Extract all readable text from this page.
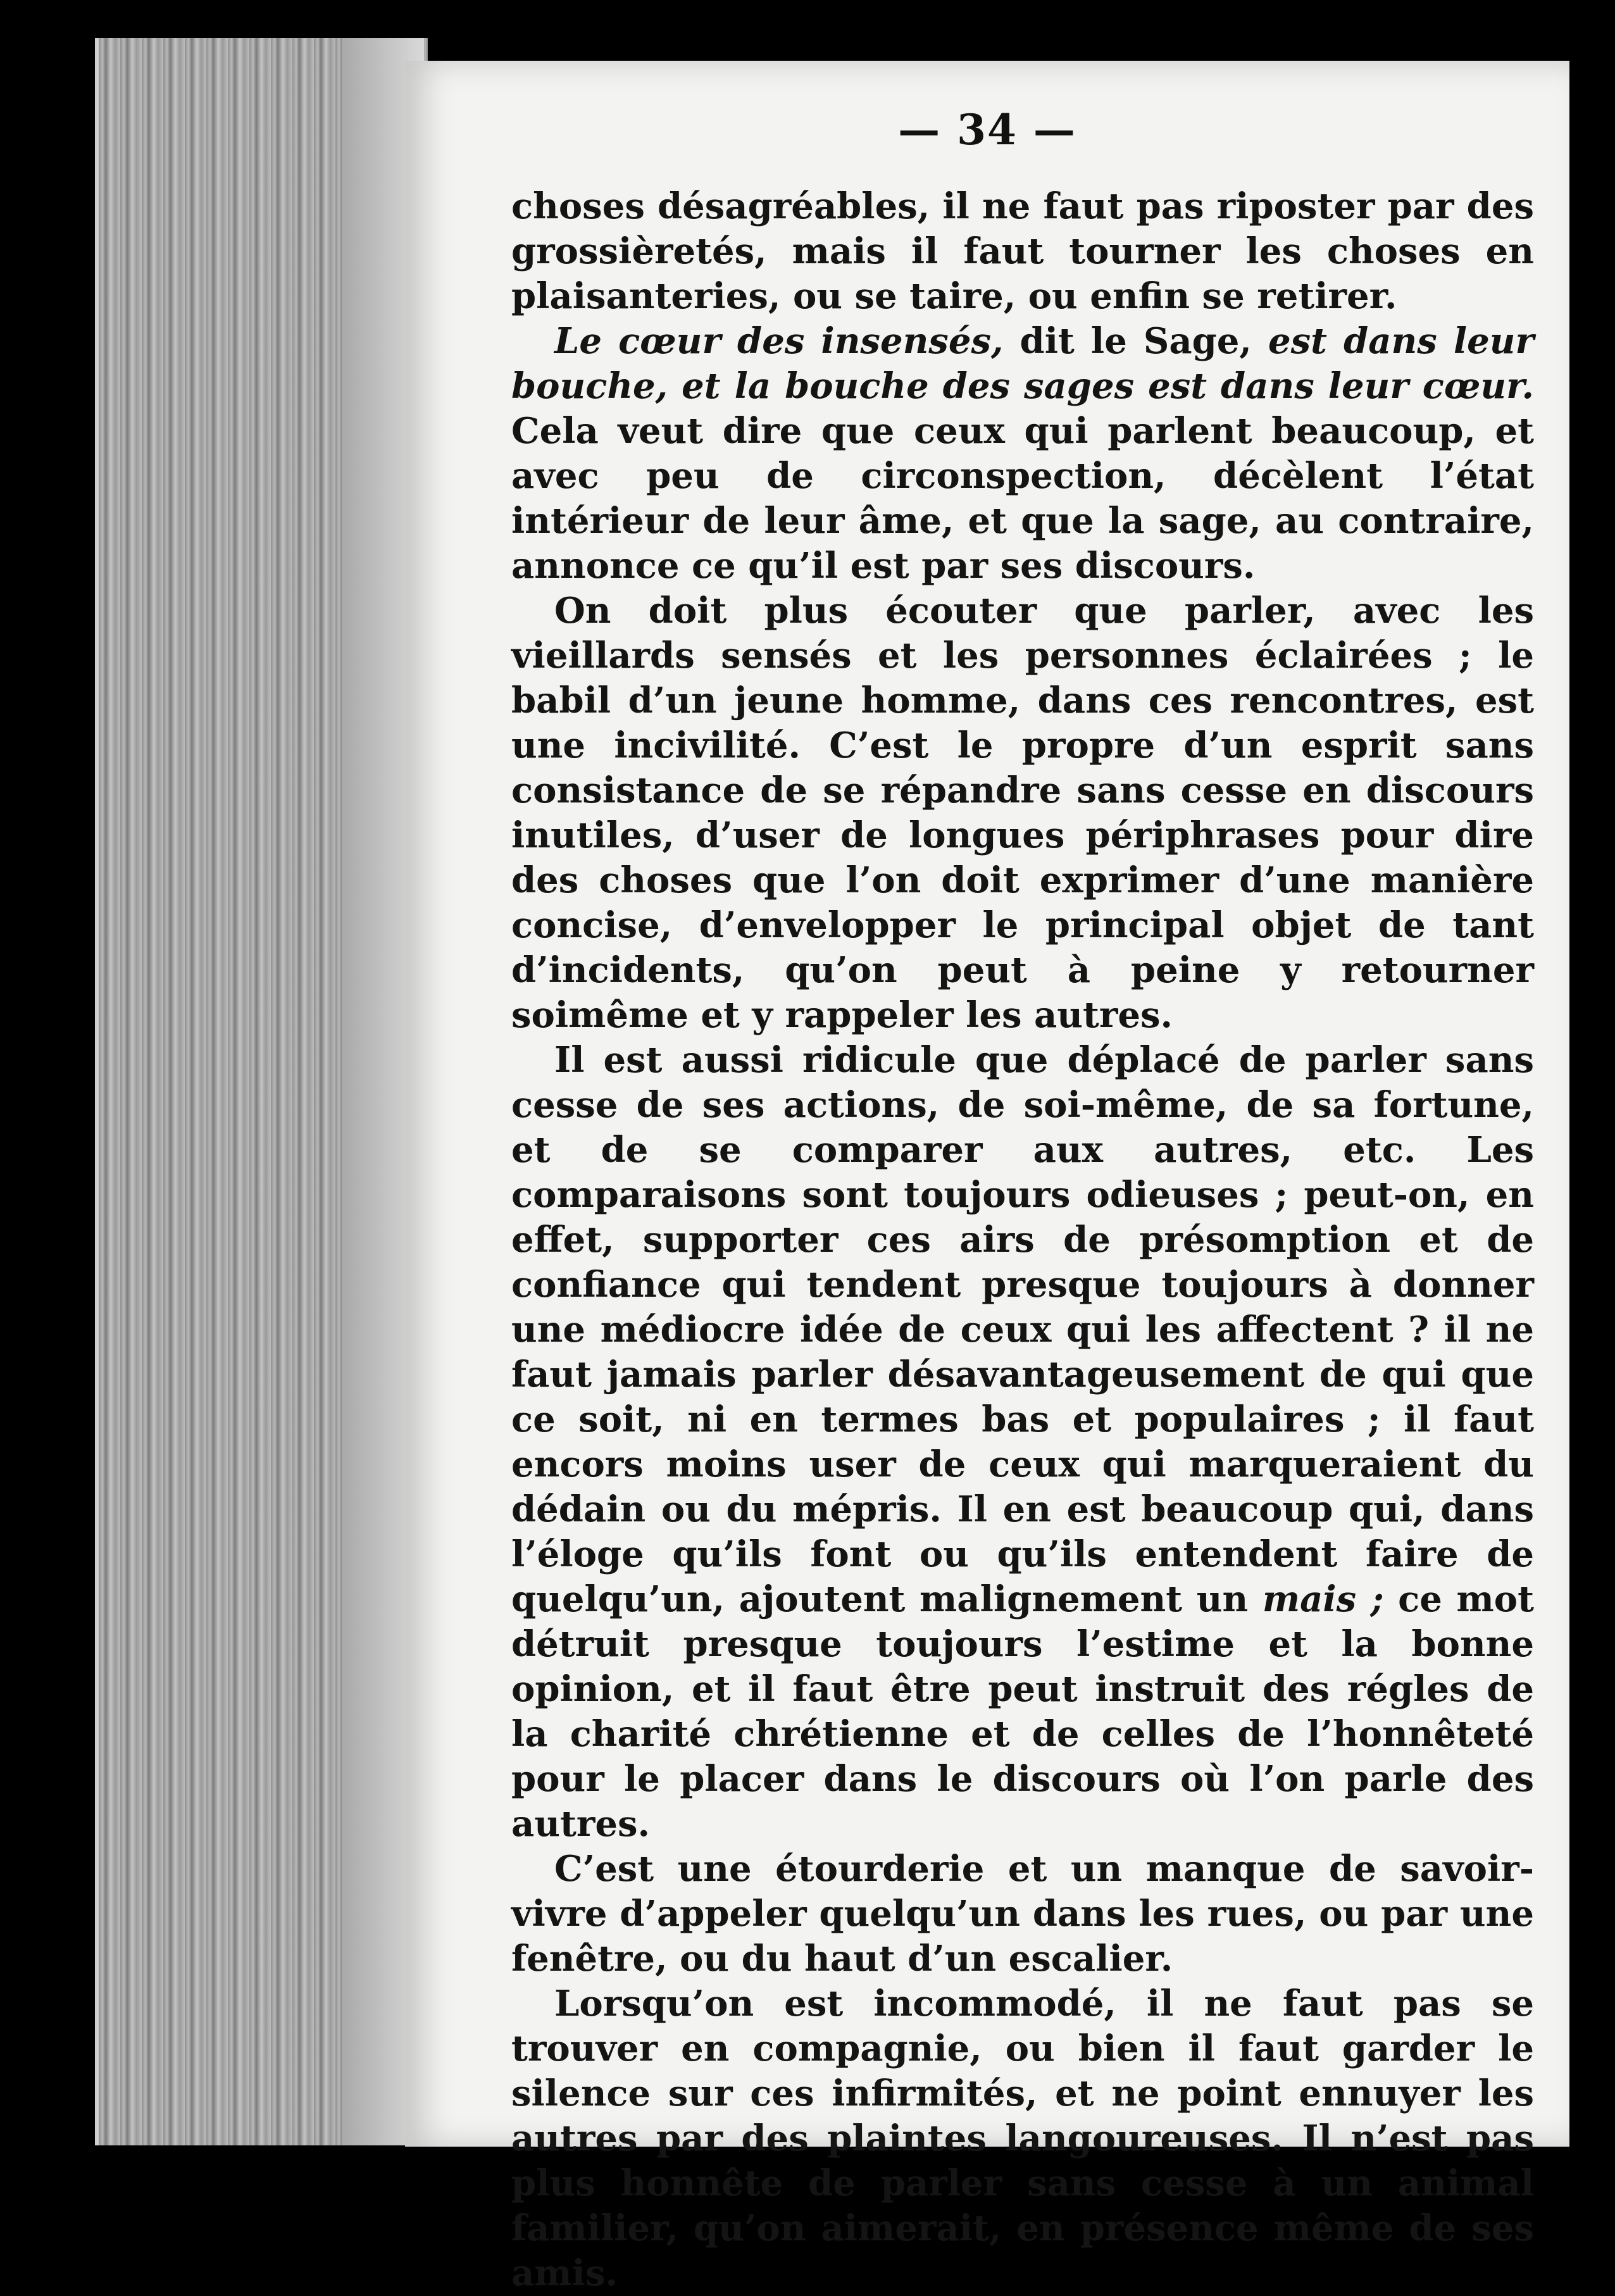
— 34 —

choses désagréables, il ne faut pas riposter par des grossièretés, mais il faut tourner les choses en plaisanteries, ou se taire, ou enfin se retirer.

Le cœur des insensés, dit le Sage, est dans leur bouche, et la bouche des sages est dans leur cœur. Cela veut dire que ceux qui parlent beaucoup, et avec peu de circonspection, décèlent l’état intérieur de leur âme, et que la sage, au contraire, annonce ce qu’il est par ses discours.

On doit plus écouter que parler, avec les vieillards sensés et les personnes éclairées ; le babil d’un jeune homme, dans ces rencontres, est une incivilité. C’est le propre d’un esprit sans consistance de se répandre sans cesse en discours inutiles, d’user de longues périphrases pour dire des choses que l’on doit exprimer d’une manière concise, d’envelopper le principal objet de tant d’incidents, qu’on peut à peine y retourner soimême et y rappeler les autres.

Il est aussi ridicule que déplacé de parler sans cesse de ses actions, de soi-même, de sa fortune, et de se comparer aux autres, etc. Les comparaisons sont toujours odieuses ; peut-on, en effet, supporter ces airs de présomption et de confiance qui tendent presque toujours à donner une médiocre idée de ceux qui les affectent ? il ne faut jamais parler désavantageusement de qui que ce soit, ni en termes bas et populaires ; il faut encors moins user de ceux qui marqueraient du dédain ou du mépris. Il en est beaucoup qui, dans l’éloge qu’ils font ou qu’ils entendent faire de quelqu’un, ajoutent malignement un mais ; ce mot détruit presque toujours l’estime et la bonne opinion, et il faut être peut instruit des régles de la charité chrétienne et de celles de l’honnêteté pour le placer dans le discours où l’on parle des autres.

C’est une étourderie et un manque de savoir-vivre d’appeler quelqu’un dans les rues, ou par une fenêtre, ou du haut d’un escalier.

Lorsqu’on est incommodé, il ne faut pas se trouver en compagnie, ou bien il faut garder le silence sur ces infirmités, et ne point ennuyer les autres par des plaintes langoureuses. Il n’est pas plus honnête de parler sans cesse à un animal familier, qu’on aimerait, en présence même de ses amis.
